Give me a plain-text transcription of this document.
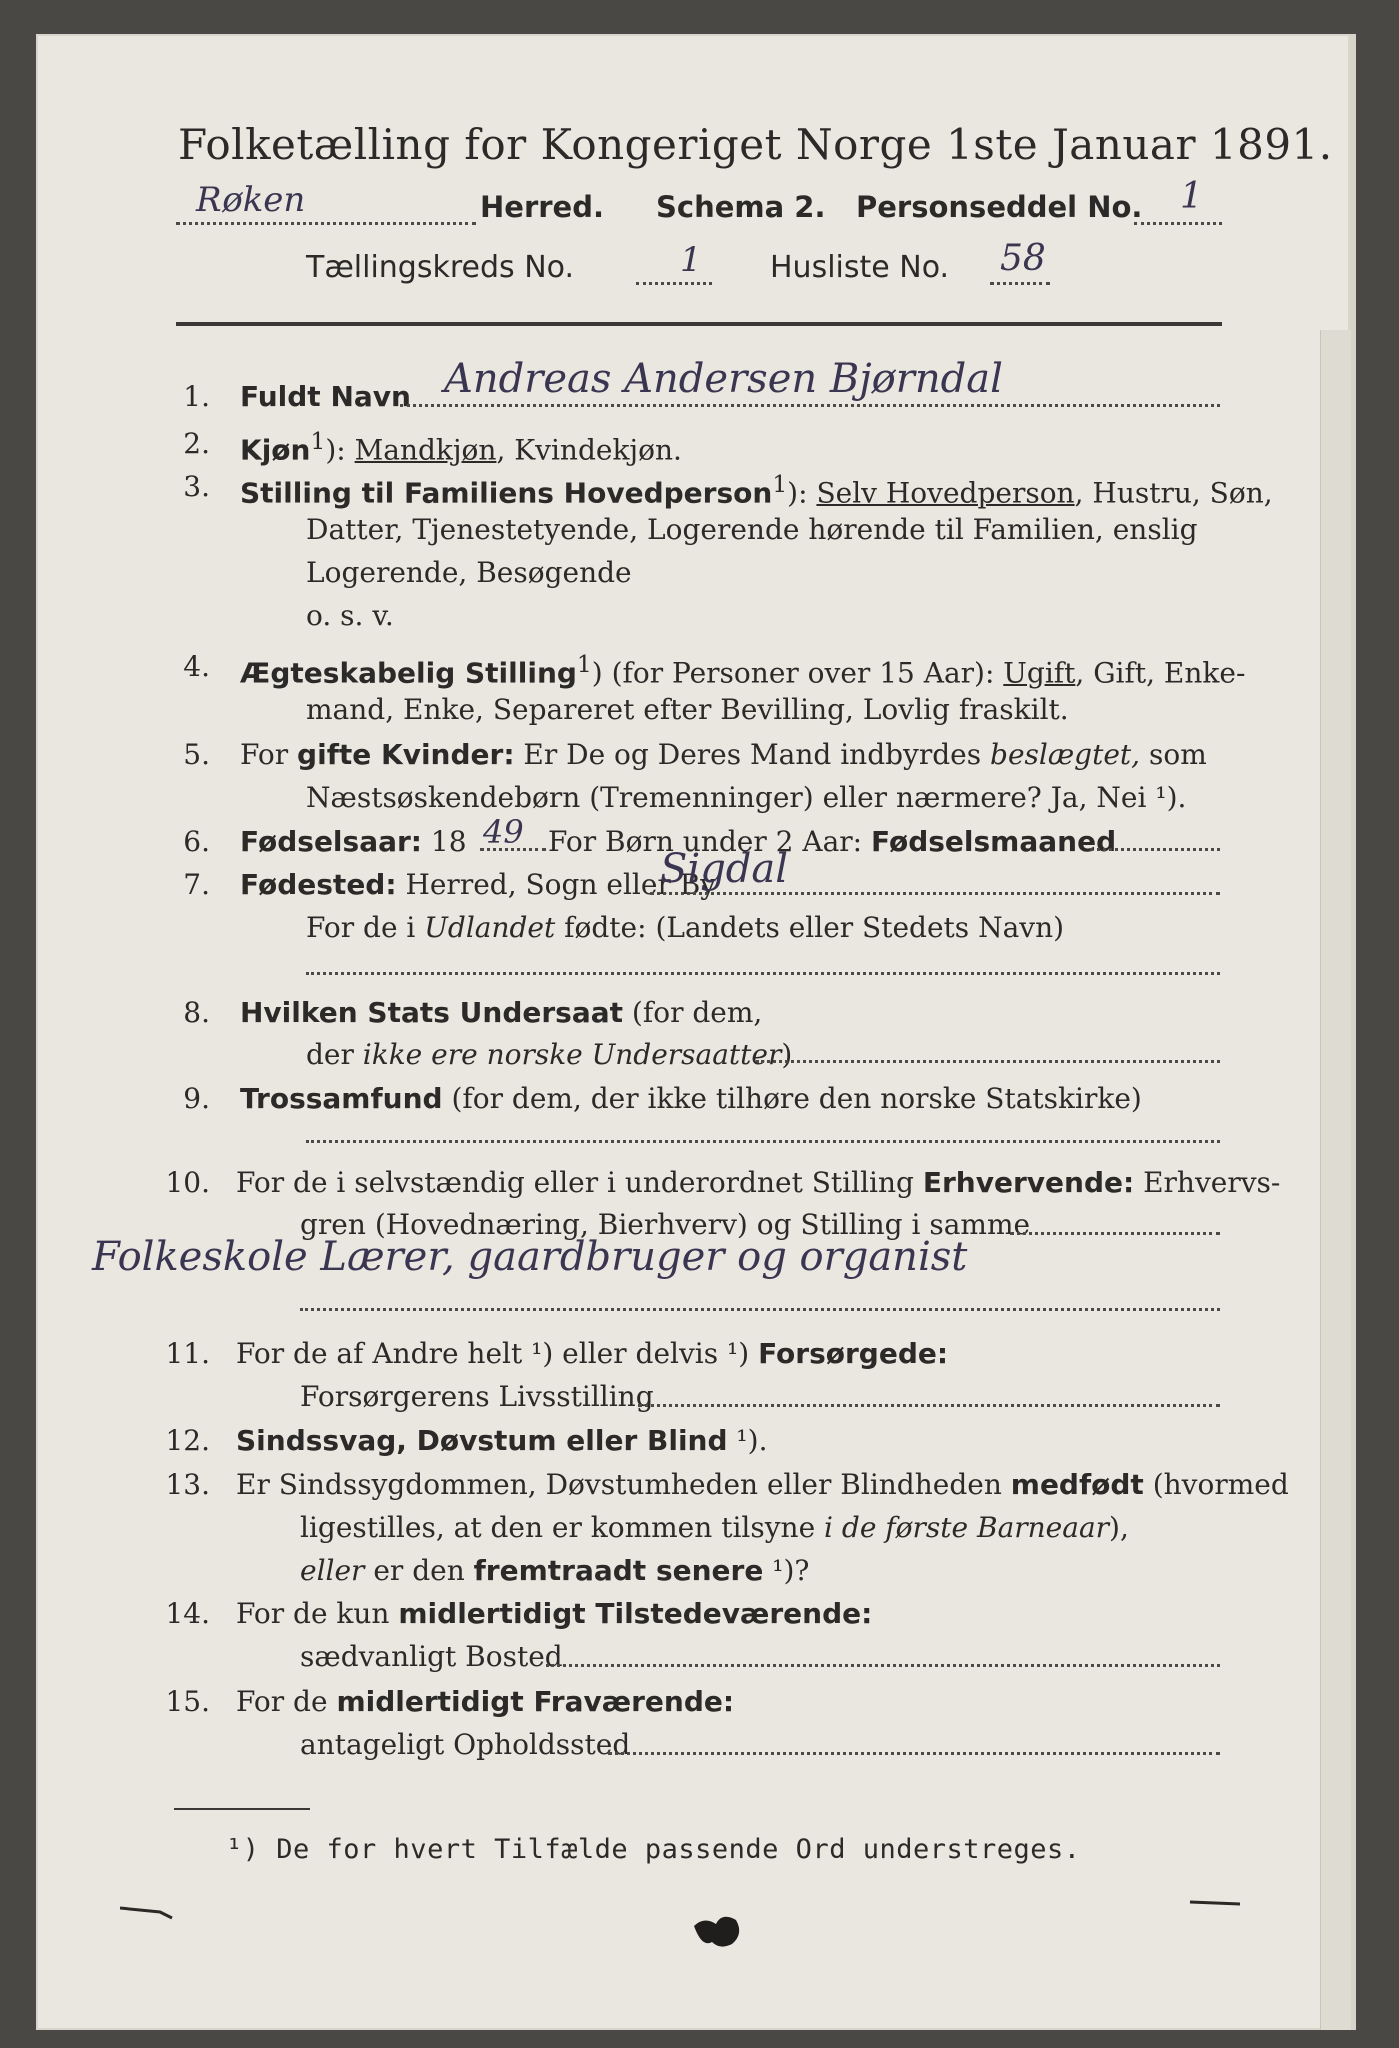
Folketælling for Kongeriget Norge 1ste Januar 1891.
Røken	Herred. Schema 2. Personseddel No. 1
Tællingskreds No.	1 Husliste No. 58
1. Fuldt Navn Andreas Andersen Bjørndal
2. Kjøn$^1$): Mandkjøn, Kvindekjøn.
3. Stilling til Familiens Hovedperson$^1$): Selv Hovedperson, Hustru, Søn,
Datter, Tjenestetyende, Logerende hørende til Familien, enslig
Logerende, Besøgende
o. s. v.
4. Ægteskabelig Stilling$^1$) (for Personer over 15 Aar): Ugift, Gift, Enke-
mand, Enke, Separeret efter Bevilling, Lovlig fraskilt.
5. For gifte Kvinder: Er De og Deres Mand indbyrdes beslægtet, som
Næstsøskendebørn (Tremenninger) eller nærmere? Ja, Nei ¹).
6. Fødselsaar: 18 49 For Børn under 2 Aar: Fødselsmaaned
7. Fødested: Herred, Sogn eller By
Sigdal
For de i Udlandet fødte: (Landets eller Stedets Navn)
8. Hvilken Stats Undersaat (for dem,
der ikke ere norske Undersaatter)
9. Trossamfund (for dem, der ikke tilhøre den norske Statskirke)
10. For de i selvstændig eller i underordnet Stilling Erhvervende: Erhvervs-
gren (Hovednæring, Bierhverv) og Stilling i samme
Folkeskole Lærer, gaardbruger og organist
11. For de af Andre helt ¹) eller delvis ¹) Forsørgede:
Forsørgerens Livsstilling
12. Sindssvag, Døvstum eller Blind ¹).
13. Er Sindssygdommen, Døvstumheden eller Blindheden medfødt (hvormed
ligestilles, at den er kommen tilsyne i de første Barneaar),
eller er den fremtraadt senere ¹)?
14. For de kun midlertidigt Tilstedeværende:
sædvanligt Bosted
15. For de midlertidigt Fraværende:
antageligt Opholdssted
¹) De for hvert Tilfælde passende Ord understreges.
